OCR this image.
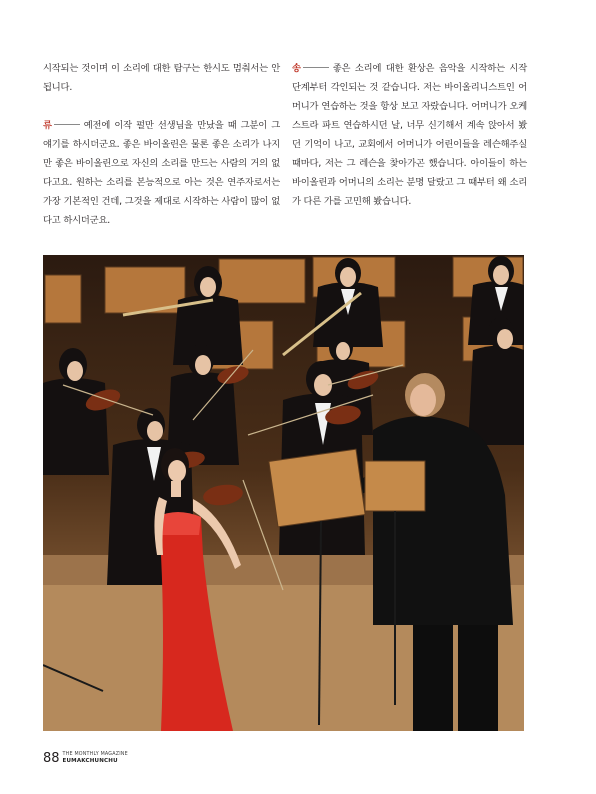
시작되는 것이며 이 소리에 대한 탐구는 한시도 멈춰서는 안 됩니다.

류	예전에 이작 펄만 선생님을 만났을 때 그분이 그 얘기를 하시더군요. 좋은 바이올린은 물론 좋은 소리가 나지만 좋은 바이올린으로 자신의 소리를 만드는 사람의 거의 없다고요. 원하는 소리를 본능적으로 아는 것은 연주자로서는 가장 기본적인 건데, 그것을 제대로 시작하는 사람이 많이 없다고 하시더군요.

송	좋은 소리에 대한 환상은 음악을 시작하는 시작 단계부터 각인되는 것 같습니다. 저는 바이올리니스트인 어머니가 연습하는 것을 항상 보고 자랐습니다. 어머니가 오케스트라 파트 연습하시던 날, 너무 신기해서 계속 앉아서 봤던 기억이 나고, 교회에서 어머니가 어린이들을 레슨해주실 때마다, 저는 그 레슨을 찾아가곤 했습니다. 아이들이 하는 바이올린과 어머니의 소리는 분명 달랐고 그 때부터 왜 소리가 다른 가를 고민해 봤습니다.

88 THE MONTHLY MAGAZINE
EUMAKCHUNCHU
